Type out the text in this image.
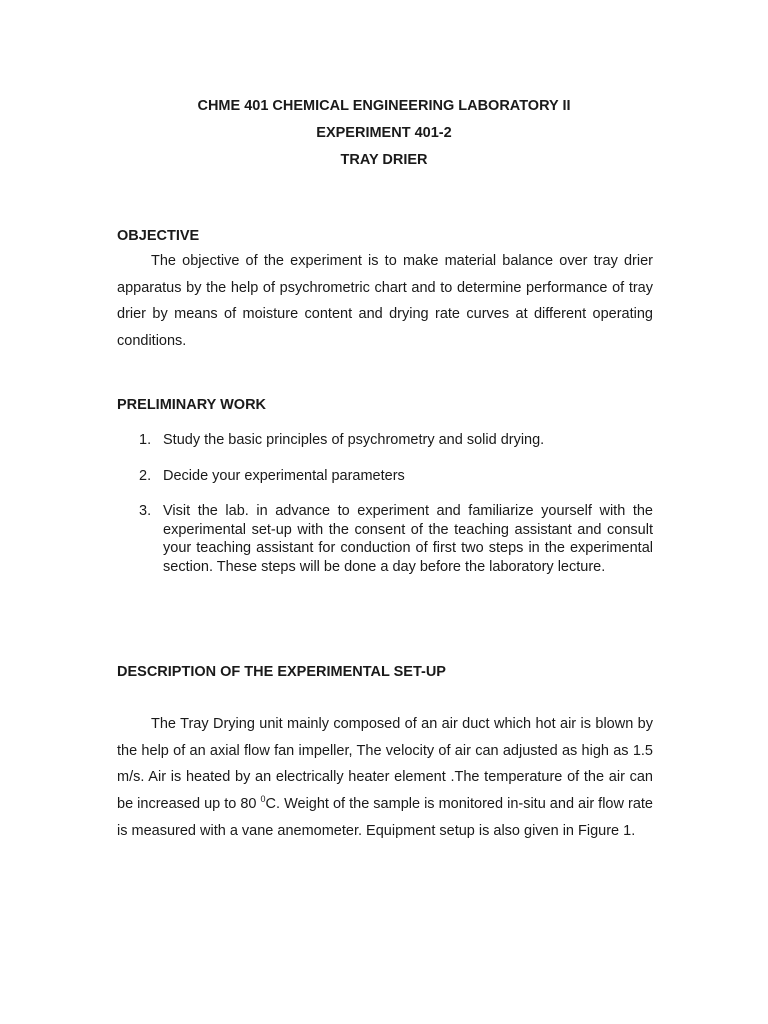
CHME 401 CHEMICAL ENGINEERING LABORATORY II

EXPERIMENT 401-2

TRAY DRIER

OBJECTIVE

The objective of the experiment is to make material balance over tray drier apparatus by the help of psychrometric chart and to determine performance of tray drier by means of moisture content and drying rate curves at different operating conditions.

PRELIMINARY WORK

1. Study the basic principles of psychrometry and solid drying.
2. Decide your experimental parameters
3. Visit the lab. in advance to experiment and familiarize yourself with the experimental set-up with the consent of the teaching assistant and consult your teaching assistant for conduction of first two steps in the experimental section. These steps will be done a day before the laboratory lecture.

DESCRIPTION OF THE EXPERIMENTAL SET-UP

The Tray Drying unit mainly composed of an air duct which hot air is blown by the help of an axial flow fan impeller, The velocity of air can adjusted as high as 1.5 m/s. Air is heated by an electrically heater element .The temperature of the air can be increased up to 80 $^0$C. Weight of the sample is monitored in-situ and air flow rate is measured with a vane anemometer. Equipment setup is also given in Figure 1.
